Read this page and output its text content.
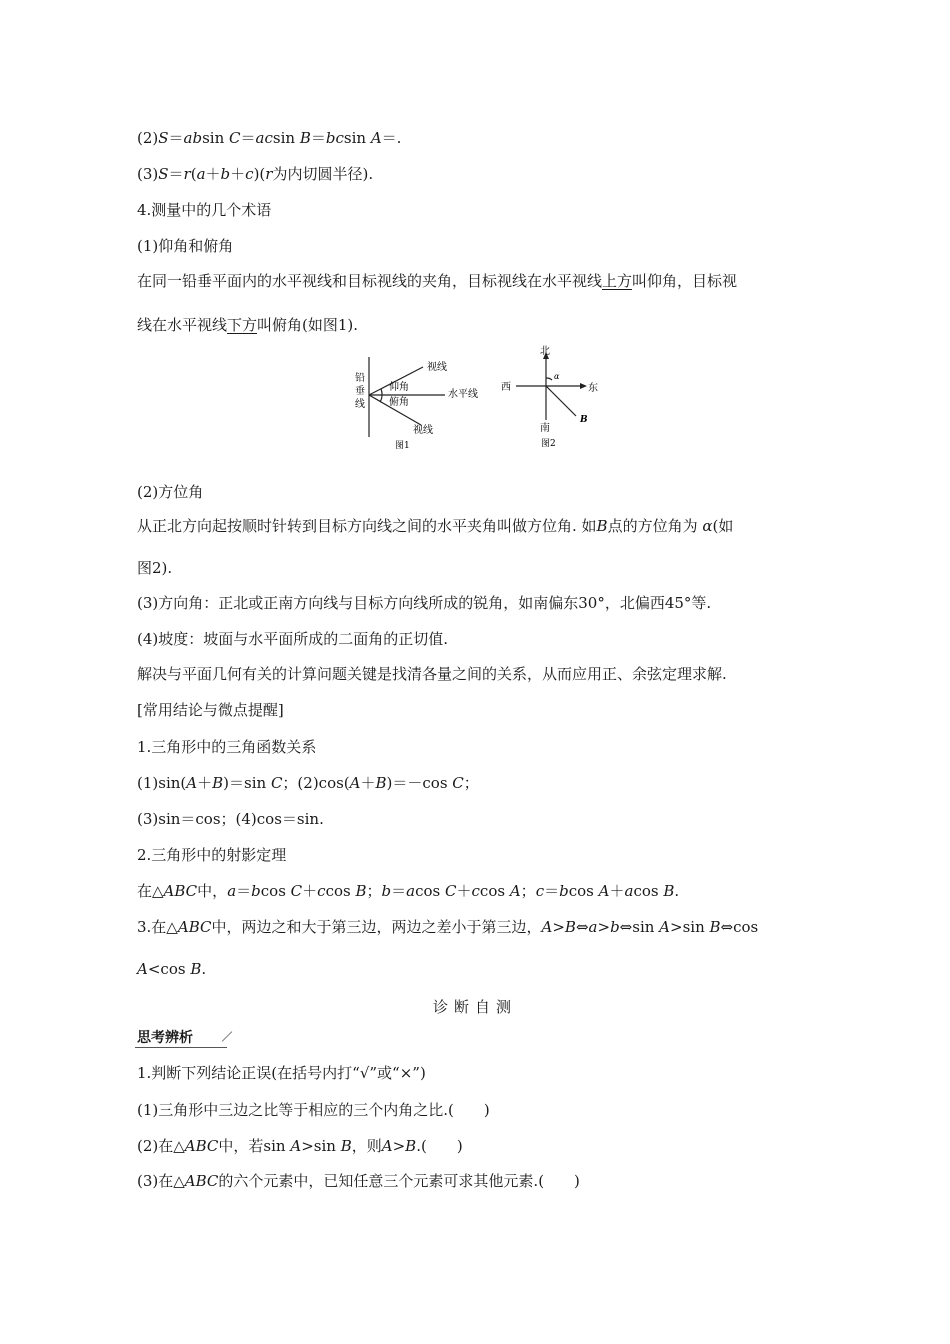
(2)S＝absin C＝acsin B＝bcsin A＝.
(3)S＝r(a＋b＋c)(r为内切圆半径).
4.测量中的几个术语
(1)仰角和俯角
在同一铅垂平面内的水平视线和目标视线的夹角，目标视线在水平视线上方叫仰角，目标视
线在水平视线下方叫俯角(如图1).
铅
垂
线
视线
仰角
水平线
俯角
视线
图1
北
西	东
α
B
南
图2
(2)方位角
从正北方向起按顺时针转到目标方向线之间的水平夹角叫做方位角. 如B点的方位角为 α(如
图2).
(3)方向角：正北或正南方向线与目标方向线所成的锐角，如南偏东30°，北偏西45°等.
(4)坡度：坡面与水平面所成的二面角的正切值.
解决与平面几何有关的计算问题关键是找清各量之间的关系，从而应用正、余弦定理求解.
[常用结论与微点提醒]
1.三角形中的三角函数关系
(1)sin(A＋B)＝sin C；(2)cos(A＋B)＝－cos C；
(3)sin＝cos；(4)cos＝sin.
2.三角形中的射影定理
在△ABC中，a＝bcos C＋ccos B；b＝acos C＋ccos A；c＝bcos A＋acos B.
3.在△ABC中，两边之和大于第三边，两边之差小于第三边，A>B⇔a>b⇔sin A>sin B⇔cos
A<cos B.
诊断自测
思考辨析
1.判断下列结论正误(在括号内打“√”或“×”)
(1)三角形中三边之比等于相应的三个内角之比.(　　)
(2)在△ABC中，若sin A>sin B，则A>B.(　　)
(3)在△ABC的六个元素中，已知任意三个元素可求其他元素.(　　)
